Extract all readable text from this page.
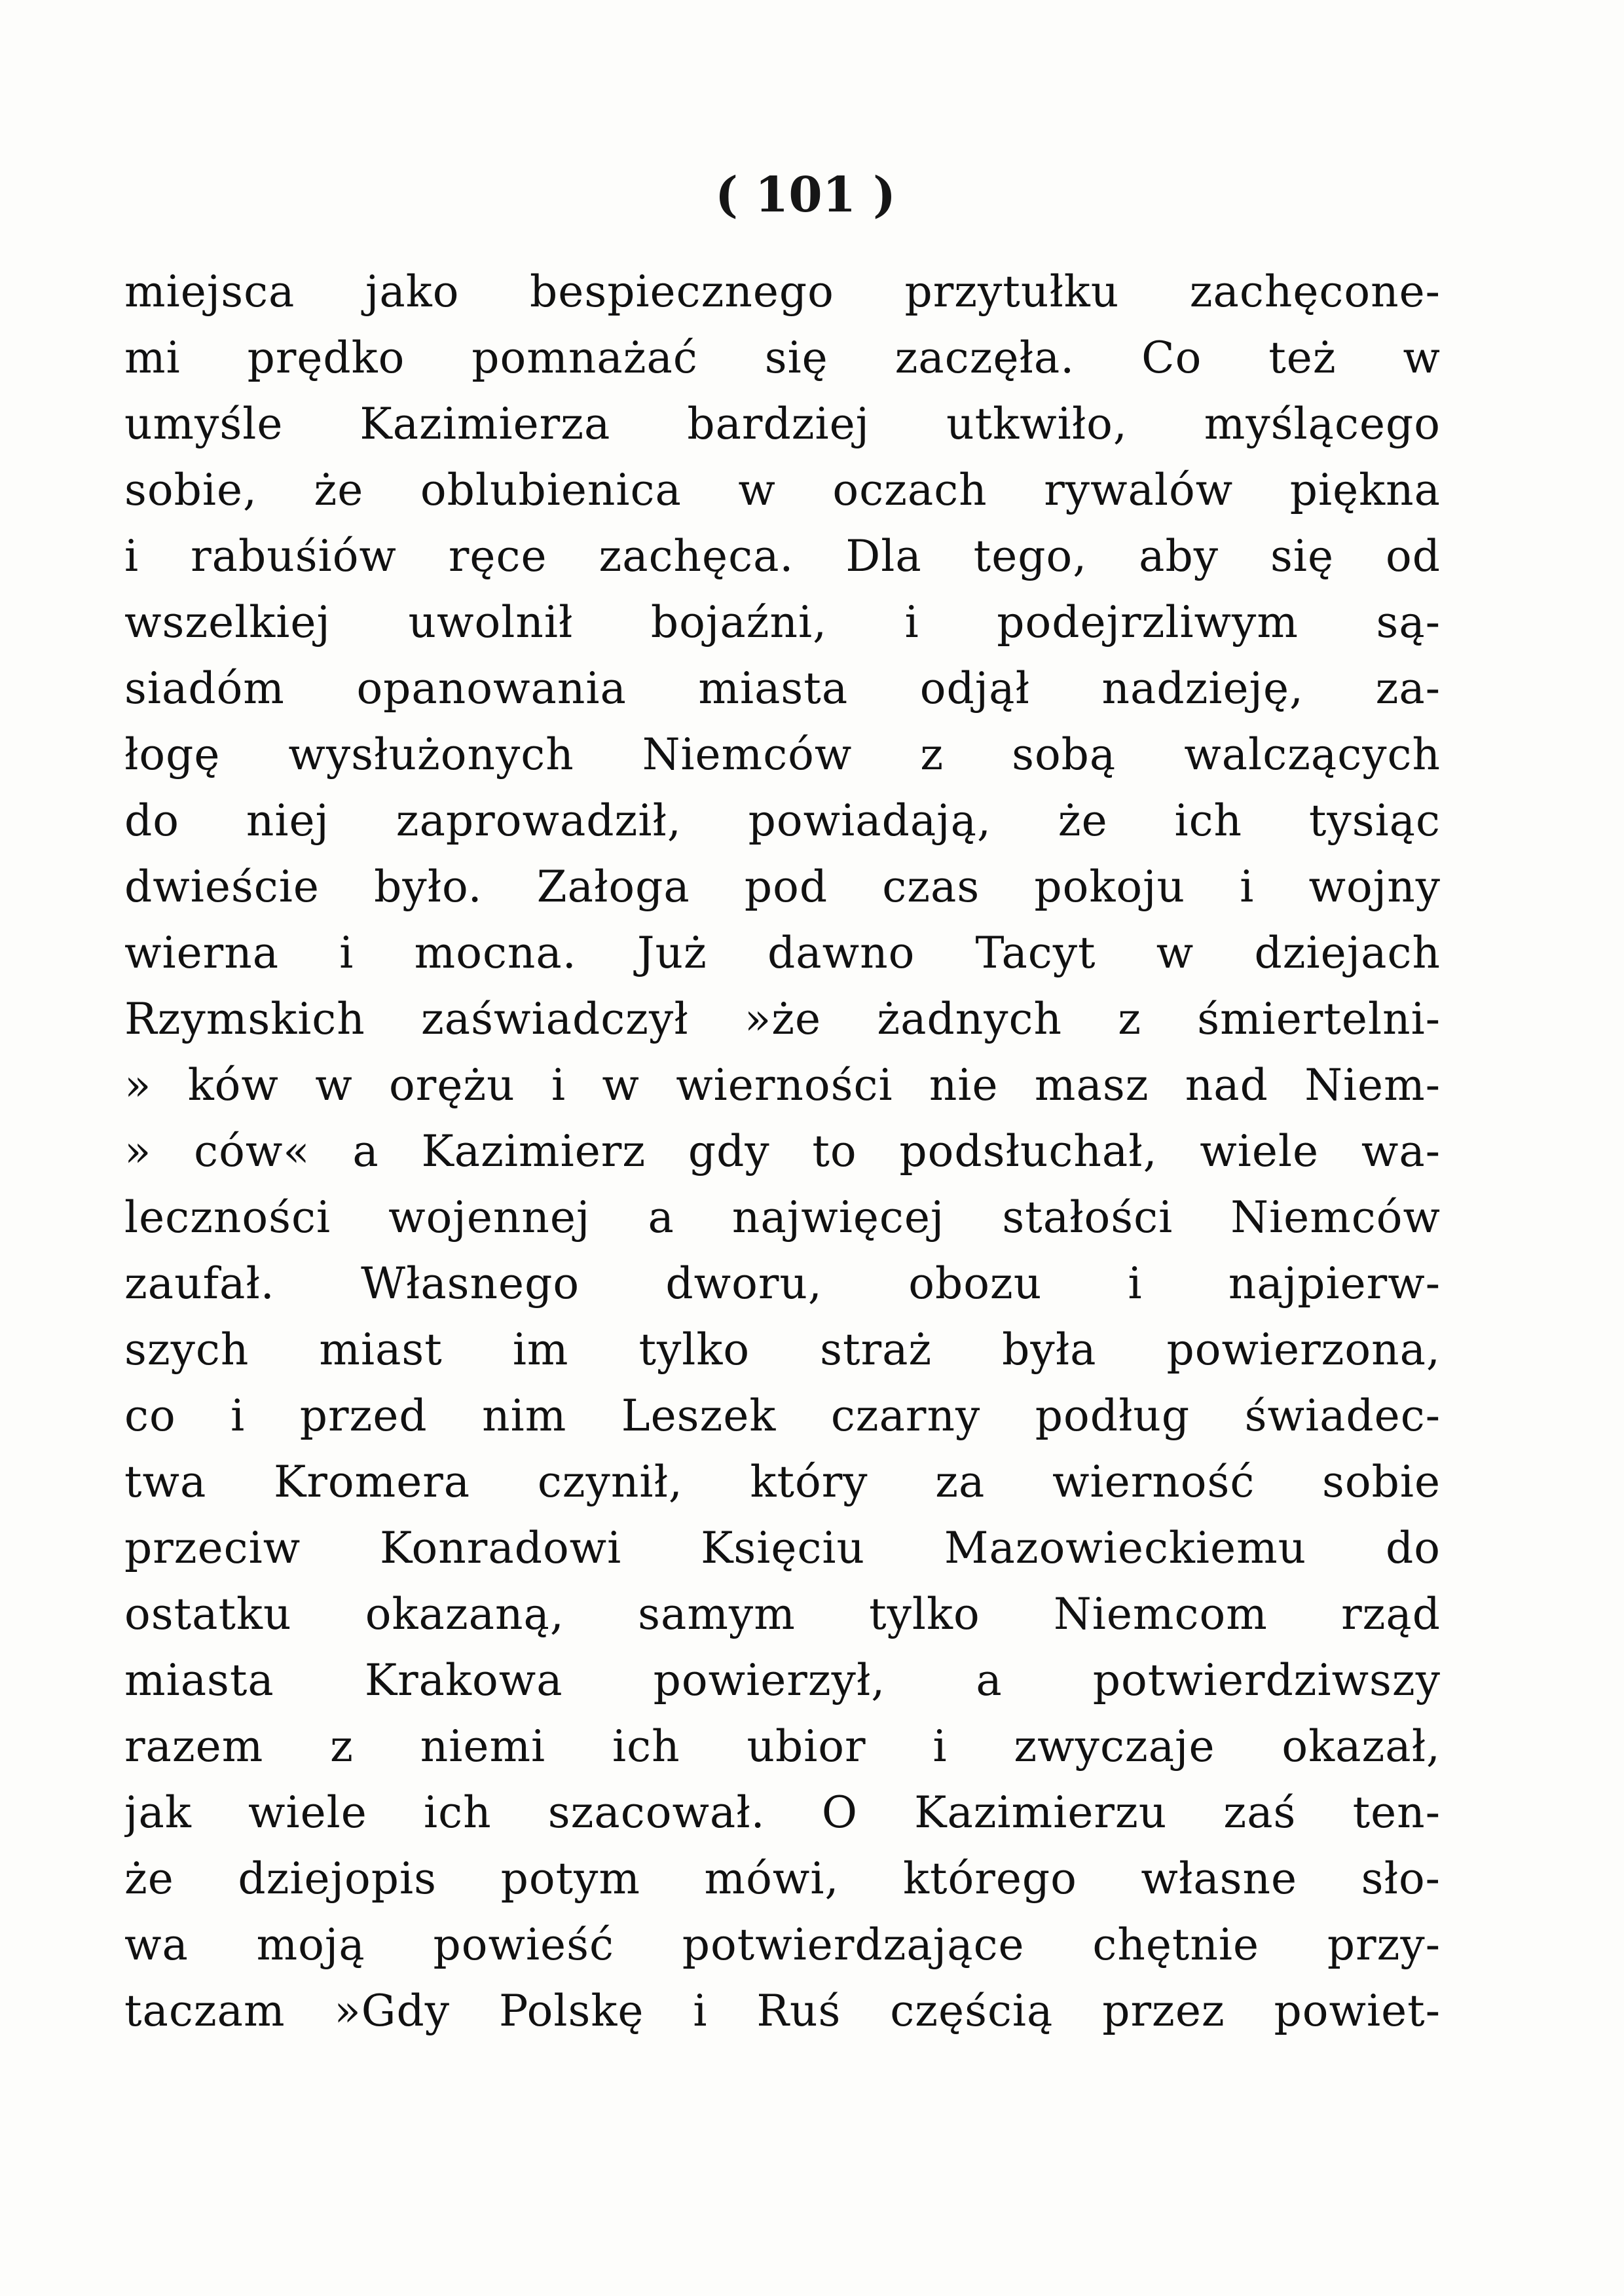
( 101 )
miejsca jako bespiecznego przytułku zachęcone-
mi prędko pomnażać się zaczęła. Co też w
umyśle Kazimierza bardziej utkwiło, myślącego
sobie, że oblubienica w oczach rywalów piękna
i rabuśiów ręce zachęca. Dla tego, aby się od
wszelkiej uwolnił bojaźni, i podejrzliwym są-
siadóm opanowania miasta odjął nadzieję, za-
łogę wysłużonych Niemców z sobą walczących
do niej zaprowadził, powiadają, że ich tysiąc
dwieście było. Załoga pod czas pokoju i wojny
wierna i mocna. Już dawno Tacyt w dziejach
Rzymskich zaświadczył »że żadnych z śmiertelni-
» ków w orężu i w wierności nie masz nad Niem-
» ców« a Kazimierz gdy to podsłuchał, wiele wa-
leczności wojennej a najwięcej stałości Niemców
zaufał. Własnego dworu, obozu i najpierw-
szych miast im tylko straż była powierzona,
co i przed nim Leszek czarny podług świadec-
twa Kromera czynił, który za wierność sobie
przeciw Konradowi Księciu Mazowieckiemu do
ostatku okazaną, samym tylko Niemcom rząd
miasta Krakowa powierzył, a potwierdziwszy
razem z niemi ich ubior i zwyczaje okazał,
jak wiele ich szacował. O Kazimierzu zaś ten-
że dziejopis potym mówi, którego własne sło-
wa moją powieść potwierdzające chętnie przy-
taczam »Gdy Polskę i Ruś częścią przez powiet-
